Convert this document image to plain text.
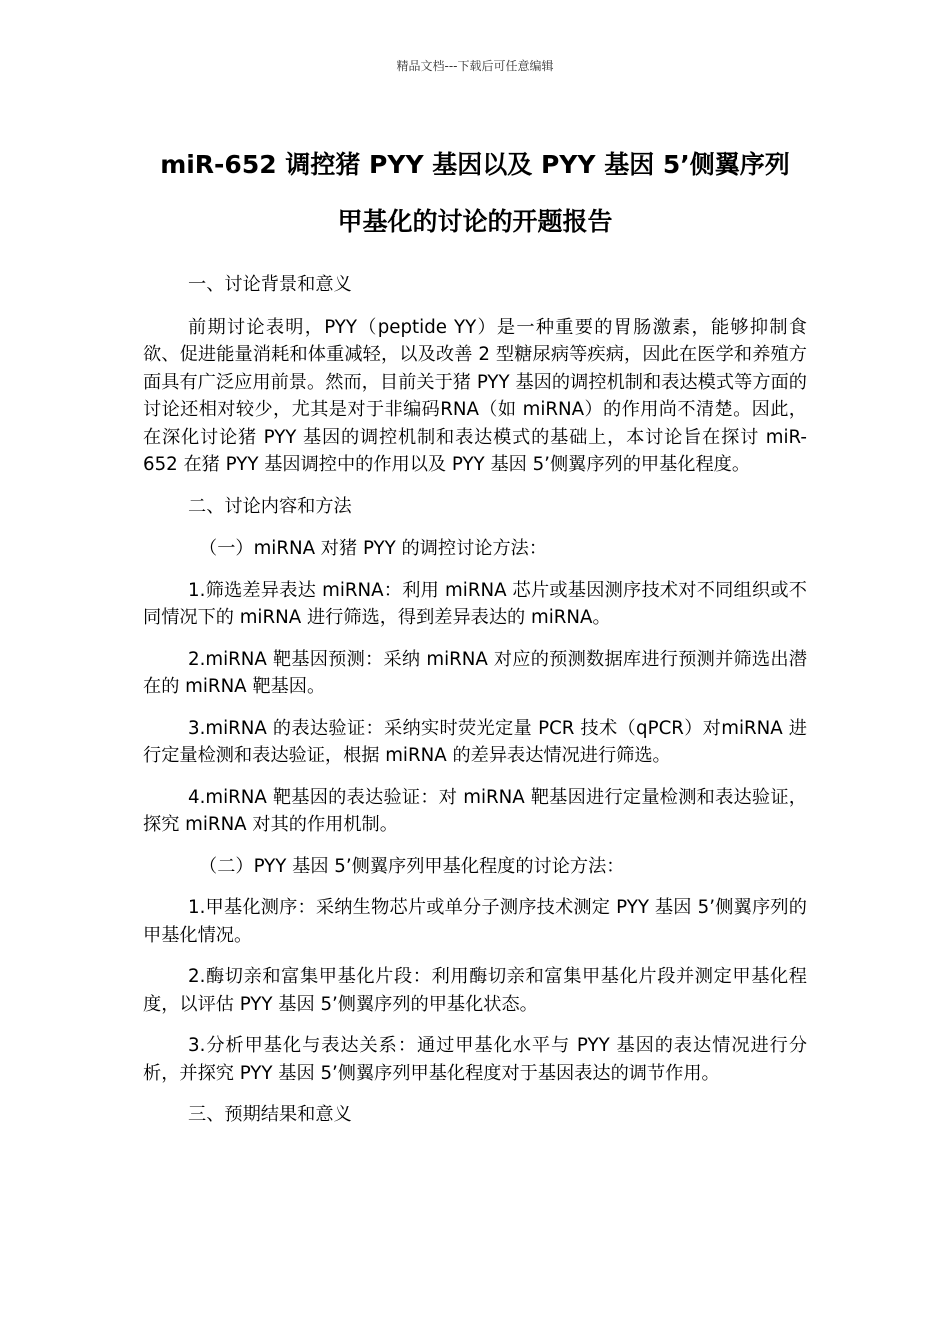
精品文档---下载后可任意编辑
miR-652 调控猪 PYY 基因以及 PYY 基因 5’侧翼序列
甲基化的讨论的开题报告

一、讨论背景和意义

前期讨论表明，PYY（peptide YY）是一种重要的胃肠激素，能够抑制食欲、促进能量消耗和体重减轻，以及改善 2 型糖尿病等疾病，因此在医学和养殖方面具有广泛应用前景。然而，目前关于猪 PYY 基因的调控机制和表达模式等方面的讨论还相对较少，尤其是对于非编码RNA（如 miRNA）的作用尚不清楚。因此，在深化讨论猪 PYY 基因的调控机制和表达模式的基础上，本讨论旨在探讨 miR-652 在猪 PYY 基因调控中的作用以及 PYY 基因 5’侧翼序列的甲基化程度。

二、讨论内容和方法

（一）miRNA 对猪 PYY 的调控讨论方法：

1.筛选差异表达 miRNA：利用 miRNA 芯片或基因测序技术对不同组织或不同情况下的 miRNA 进行筛选，得到差异表达的 miRNA。

2.miRNA 靶基因预测：采纳 miRNA 对应的预测数据库进行预测并筛选出潜在的 miRNA 靶基因。

3.miRNA 的表达验证：采纳实时荧光定量 PCR 技术（qPCR）对miRNA 进行定量检测和表达验证，根据 miRNA 的差异表达情况进行筛选。

4.miRNA 靶基因的表达验证：对 miRNA 靶基因进行定量检测和表达验证，探究 miRNA 对其的作用机制。

（二）PYY 基因 5’侧翼序列甲基化程度的讨论方法：

1.甲基化测序：采纳生物芯片或单分子测序技术测定 PYY 基因 5’侧翼序列的甲基化情况。

2.酶切亲和富集甲基化片段：利用酶切亲和富集甲基化片段并测定甲基化程度，以评估 PYY 基因 5’侧翼序列的甲基化状态。

3.分析甲基化与表达关系：通过甲基化水平与 PYY 基因的表达情况进行分析，并探究 PYY 基因 5’侧翼序列甲基化程度对于基因表达的调节作用。

三、预期结果和意义
